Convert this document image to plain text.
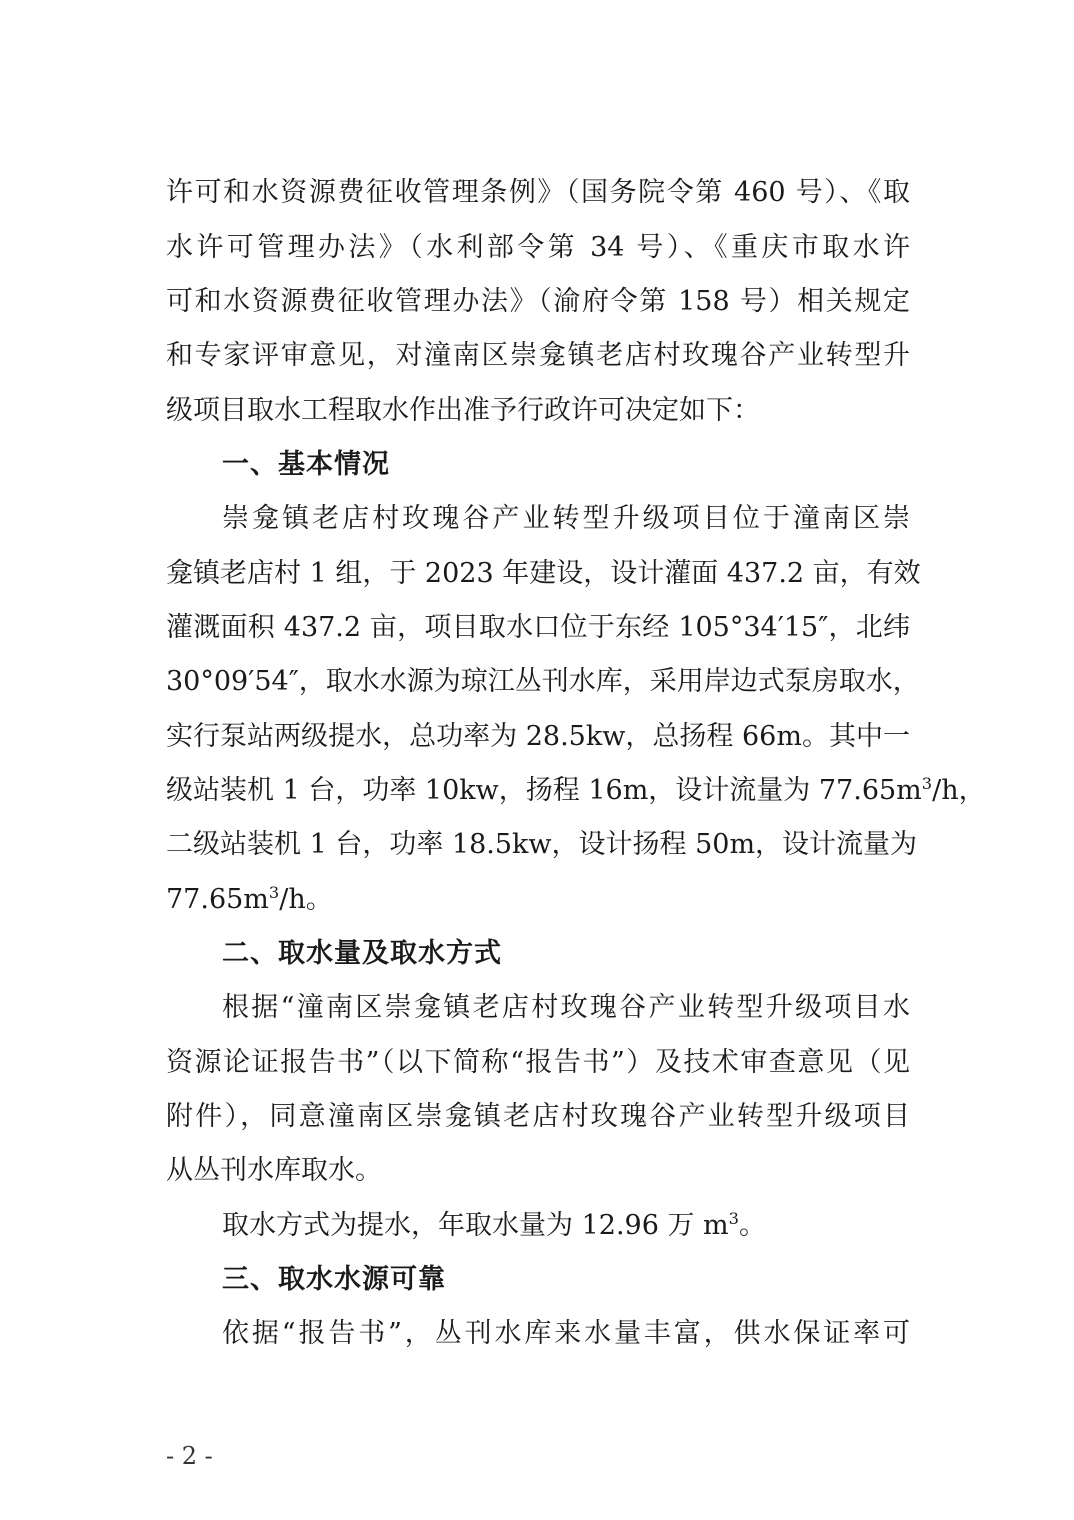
许可和水资源费征收管理条例》（国务院令第 460 号）、《取
水许可管理办法》（水利部令第 34 号）、《重庆市取水许
可和水资源费征收管理办法》（渝府令第 158 号）相关规定
和专家评审意见，对潼南区崇龛镇老店村玫瑰谷产业转型升
级项目取水工程取水作出准予行政许可决定如下：
一、基本情况
崇龛镇老店村玫瑰谷产业转型升级项目位于潼南区崇
龛镇老店村 1 组，于 2023 年建设，设计灌面 437.2 亩，有效
灌溉面积 437.2 亩，项目取水口位于东经 105°34′15″，北纬
30°09′54″，取水水源为琼江丛刊水库，采用岸边式泵房取水，
实行泵站两级提水，总功率为 28.5kw，总扬程 66m。其中一
级站装机 1 台，功率 10kw，扬程 16m，设计流量为 $77.65m^3/h$，
二级站装机 1 台，功率 18.5kw，设计扬程 50m，设计流量为
$77.65m^3/h$。
二、取水量及取水方式
根据“潼南区崇龛镇老店村玫瑰谷产业转型升级项目水
资源论证报告书”（以下简称“报告书”）及技术审查意见（见
附件），同意潼南区崇龛镇老店村玫瑰谷产业转型升级项目
从丛刊水库取水。
取水方式为提水，年取水量为 12.96 万 $m^3$。
三、取水水源可靠
依据“报告书”，丛刊水库来水量丰富，供水保证率可
- 2 -
